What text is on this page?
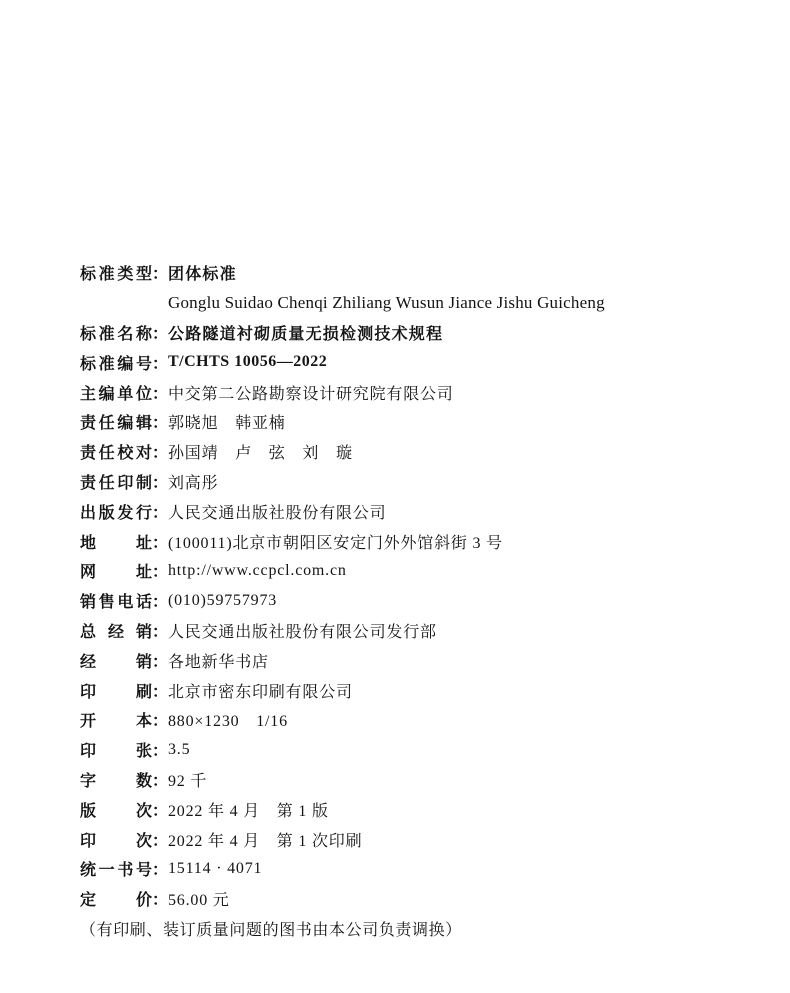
标 准 类 型 ： 团体标准
Gonglu Suidao Chenqi Zhiliang Wusun Jiance Jishu Guicheng
标 准 名 称 ： 公路隧道衬砌质量无损检测技术规程
标 准 编 号 ： T/CHTS 10056—2022
主 编 单 位 ： 中交第二公路勘察设计研究院有限公司
责 任 编 辑 ： 郭晓旭　韩亚楠
责 任 校 对 ： 孙国靖　卢　弦　刘　璇
责 任 印 制 ： 刘高彤
出 版 发 行 ： 人民交通出版社股份有限公司
地 址 ： (100011)北京市朝阳区安定门外外馆斜街 3 号
网 址 ： http://www.ccpcl.com.cn
销 售 电 话 ： (010)59757973
总 经 销 ： 人民交通出版社股份有限公司发行部
经 销 ： 各地新华书店
印 刷 ： 北京市密东印刷有限公司
开 本 ： 880×1230　1/16
印 张 ： 3.5
字 数 ： 92 千
版 次 ： 2022 年 4 月　第 1 版
印 次 ： 2022 年 4 月　第 1 次印刷
统 一 书 号 ： 15114 · 4071
定 价 ： 56.00 元
（有印刷、装订质量问题的图书由本公司负责调换）
